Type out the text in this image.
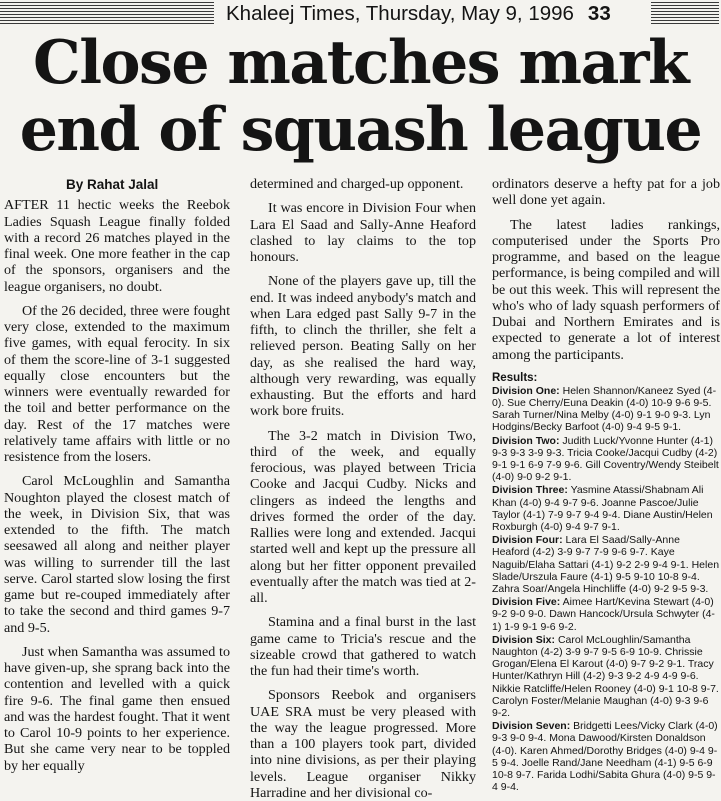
Khaleej Times, Thursday, May 9, 1996 33
Close matches mark
end of squash league
By Rahat Jalal

AFTER 11 hectic weeks the Reebok Ladies Squash League finally folded with a record 26 matches played in the final week. One more feather in the cap of the sponsors, organisers and the league organisers, no doubt.

Of the 26 decided, three were fought very close, extended to the maximum five games, with equal ferocity. In six of them the score-line of 3-1 suggested equally close encounters but the winners were eventually rewarded for the toil and better performance on the day. Rest of the 17 matches were relatively tame affairs with little or no resistence from the losers.

Carol McLoughlin and Samantha Noughton played the closest match of the week, in Division Six, that was extended to the fifth. The match seesawed all along and neither player was willing to surrender till the last serve. Carol started slow losing the first game but re-couped immediately after to take the second and third games 9-7 and 9-5.

Just when Samantha was assumed to have given-up, she sprang back into the contention and levelled with a quick fire 9-6. The final game then ensued and was the hardest fought. That it went to Carol 10-9 points to her experience. But she came very near to be toppled by her equally

determined and charged-up opponent.

It was encore in Division Four when Lara El Saad and Sally-Anne Heaford clashed to lay claims to the top honours.

None of the players gave up, till the end. It was indeed anybody's match and when Lara edged past Sally 9-7 in the fifth, to clinch the thriller, she felt a relieved person. Beating Sally on her day, as she realised the hard way, although very rewarding, was equally exhausting. But the efforts and hard work bore fruits.

The 3-2 match in Division Two, third of the week, and equally ferocious, was played between Tricia Cooke and Jacqui Cudby. Nicks and clingers as indeed the lengths and drives formed the order of the day. Rallies were long and extended. Jacqui started well and kept up the pressure all along but her fitter opponent prevailed eventually after the match was tied at 2-all.

Stamina and a final burst in the last game came to Tricia's rescue and the sizeable crowd that gathered to watch the fun had their time's worth.

Sponsors Reebok and organisers UAE SRA must be very pleased with the way the league progressed. More than a 100 players took part, divided into nine divisions, as per their playing levels. League organiser Nikky Harradine and her divisional co-

ordinators deserve a hefty pat for a job well done yet again.

The latest ladies rankings, computerised under the Sports Pro programme, and based on the league performance, is being compiled and will be out this week. This will represent the who's who of lady squash performers of Dubai and Northern Emirates and is expected to generate a lot of interest among the participants.

Results:
Division One: Helen Shannon/Kaneez Syed (4-0). Sue Cherry/Euna Deakin (4-0) 10-9 9-6 9-5. Sarah Turner/Nina Melby (4-0) 9-1 9-0 9-3. Lyn Hodgins/Becky Barfoot (4-0) 9-4 9-5 9-1.
Division Two: Judith Luck/Yvonne Hunter (4-1) 9-3 9-3 3-9 9-3. Tricia Cooke/Jacqui Cudby (4-2) 9-1 9-1 6-9 7-9 9-6. Gill Coventry/Wendy Steibelt (4-0) 9-0 9-2 9-1.
Division Three: Yasmine Atassi/Shabnam Ali Khan (4-0) 9-4 9-7 9-6. Joanne Pascoe/Julie Taylor (4-1) 7-9 9-7 9-4 9-4. Diane Austin/Helen Roxburgh (4-0) 9-4 9-7 9-1.
Division Four: Lara El Saad/Sally-Anne Heaford (4-2) 3-9 9-7 7-9 9-6 9-7. Kaye Naguib/Elaha Sattari (4-1) 9-2 2-9 9-4 9-1. Helen Slade/Urszula Faure (4-1) 9-5 9-10 10-8 9-4. Zahra Soar/Angela Hinchliffe (4-0) 9-2 9-5 9-3.
Division Five: Aimee Hart/Kevina Stewart (4-0) 9-2 9-0 9-0. Dawn Hancock/Ursula Schwyter (4-1) 1-9 9-1 9-6 9-2.
Division Six: Carol McLoughlin/Samantha Naughton (4-2) 3-9 9-7 9-5 6-9 10-9. Chrissie Grogan/Elena El Karout (4-0) 9-7 9-2 9-1. Tracy Hunter/Kathryn Hill (4-2) 9-3 9-2 4-9 4-9 9-6. Nikkie Ratcliffe/Helen Rooney (4-0) 9-1 10-8 9-7. Carolyn Foster/Melanie Maughan (4-0) 9-3 9-6 9-2.
Division Seven: Bridgetti Lees/Vicky Clark (4-0) 9-3 9-0 9-4. Mona Dawood/Kirsten Donaldson (4-0). Karen Ahmed/Dorothy Bridges (4-0) 9-4 9-5 9-4. Joelle Rand/Jane Needham (4-1) 9-5 6-9 10-8 9-7. Farida Lodhi/Sabita Ghura (4-0) 9-5 9-4 9-4.
